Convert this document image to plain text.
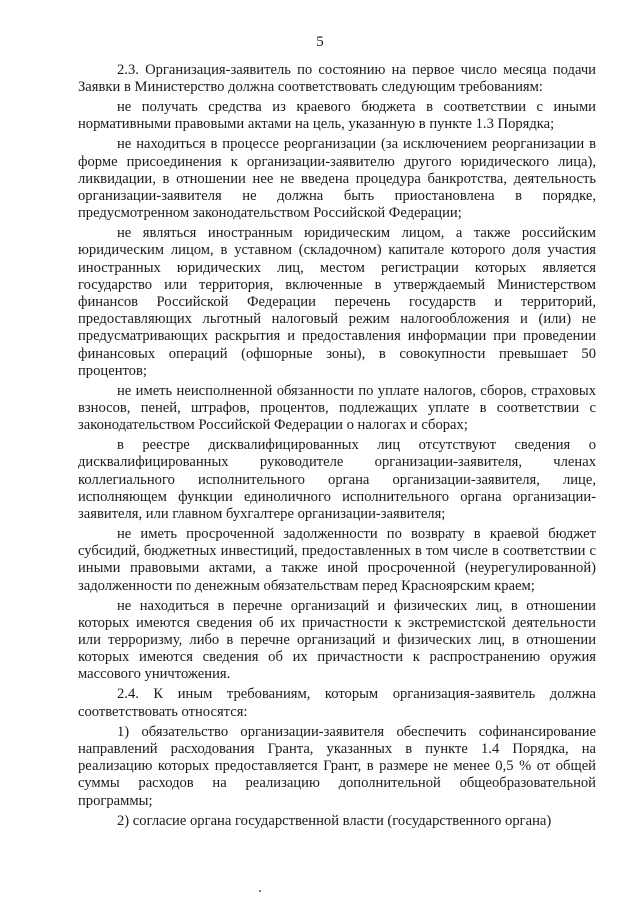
5

2.3. Организация-заявитель по состоянию на первое число месяца подачи Заявки в Министерство должна соответствовать следующим требованиям:

не получать средства из краевого бюджета в соответствии с иными нормативными правовыми актами на цель, указанную в пункте 1.3 Порядка;

не находиться в процессе реорганизации (за исключением реорганизации в форме присоединения к организации-заявителю другого юридического лица), ликвидации, в отношении нее не введена процедура банкротства, деятельность организации-заявителя не должна быть приостановлена в порядке, предусмотренном законодательством Российской Федерации;

не являться иностранным юридическим лицом, а также российским юридическим лицом, в уставном (складочном) капитале которого доля участия иностранных юридических лиц, местом регистрации которых является государство или территория, включенные в утверждаемый Министерством финансов Российской Федерации перечень государств и территорий, предоставляющих льготный налоговый режим налогообложения и (или) не предусматривающих раскрытия и предоставления информации при проведении финансовых операций (офшорные зоны), в совокупности превышает 50 процентов;

не иметь неисполненной обязанности по уплате налогов, сборов, страховых взносов, пеней, штрафов, процентов, подлежащих уплате в соответствии с законодательством Российской Федерации о налогах и сборах;

в реестре дисквалифицированных лиц отсутствуют сведения о дисквалифицированных руководителе организации-заявителя, членах коллегиального исполнительного органа организации-заявителя, лице, исполняющем функции единоличного исполнительного органа организации-заявителя, или главном бухгалтере организации-заявителя;

не иметь просроченной задолженности по возврату в краевой бюджет субсидий, бюджетных инвестиций, предоставленных в том числе в соответствии с иными правовыми актами, а также иной просроченной (неурегулированной) задолженности по денежным обязательствам перед Красноярским краем;

не находиться в перечне организаций и физических лиц, в отношении которых имеются сведения об их причастности к экстремистской деятельности или терроризму, либо в перечне организаций и физических лиц, в отношении которых имеются сведения об их причастности к распространению оружия массового уничтожения.

2.4. К иным требованиям, которым организация-заявитель должна соответствовать относятся:

1) обязательство организации-заявителя обеспечить софинансирование направлений расходования Гранта, указанных в пункте 1.4 Порядка, на реализацию которых предоставляется Грант, в размере не менее 0,5 % от общей суммы расходов на реализацию дополнительной общеобразовательной программы;

2) согласие органа государственной власти (государственного органа)
